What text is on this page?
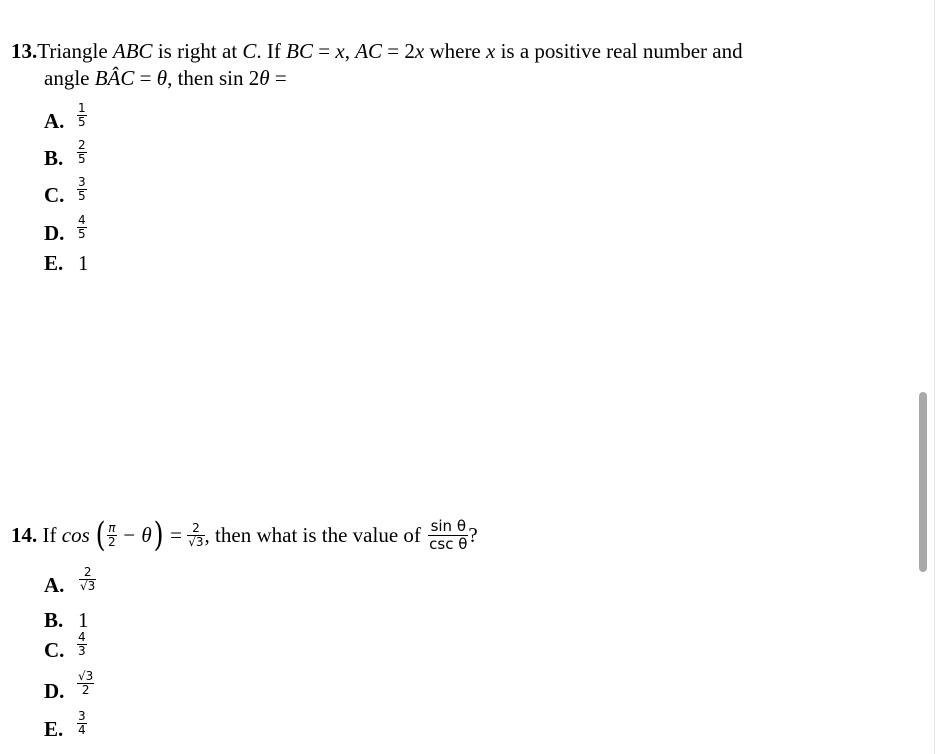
13.Triangle ABC is right at C. If BC = x, AC = 2x where x is a positive real number and
angle BÂC = θ, then sin 2θ =
A.
1
5
B.
2
5
C.
3
5
D.
4
5
E. 1
14. If cos ( $\frac{\pi}{2} - \theta$ ) = $\frac{2}{√3}$ , then what is the value of $\frac{\text{sin θ}}{\text{csc θ}}$ ?
A.
2
√3
B. 1
C.
4
3
D.
√3
2
E.
3
4
